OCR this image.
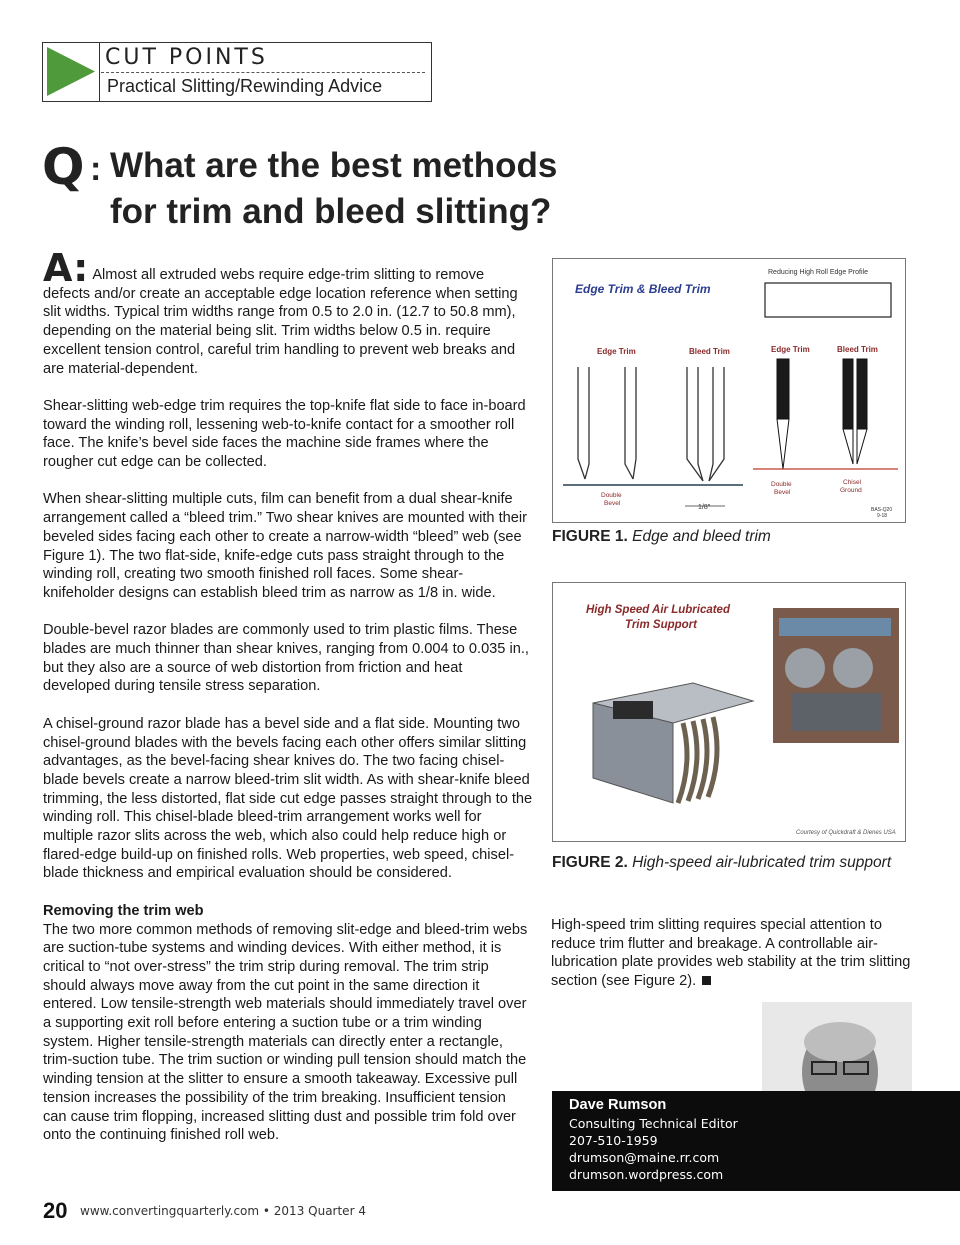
CUT POINTS
Practical Slitting/Rewinding Advice
Q : What are the best methods
for trim and bleed slitting?

A: Almost all extruded webs require edge-trim slitting to remove defects and/or create an acceptable edge location reference when setting slit widths. Typical trim widths range from 0.5 to 2.0 in. (12.7 to 50.8 mm), depending on the material being slit. Trim widths below 0.5 in. require excellent tension control, careful trim handling to prevent web breaks and are material-dependent.

Shear-slitting web-edge trim requires the top-knife flat side to face in-board toward the winding roll, lessening web-to-knife contact for a smoother roll face. The knife’s bevel side faces the machine side frames where the rougher cut edge can be collected.

When shear-slitting multiple cuts, film can benefit from a dual shear-knife arrangement called a “bleed trim.” Two shear knives are mounted with their beveled sides facing each other to create a narrow-width “bleed” web (see Figure 1). The two flat-side, knife-edge cuts pass straight through to the winding roll, creating two smooth finished roll faces. Some shear-knifeholder designs can establish bleed trim as narrow as 1/8 in. wide.

Double-bevel razor blades are commonly used to trim plastic films. These blades are much thinner than shear knives, ranging from 0.004 to 0.035 in., but they also are a source of web distortion from friction and heat developed during tensile stress separation.

A chisel-ground razor blade has a bevel side and a flat side. Mounting two chisel-ground blades with the bevels facing each other offers similar slitting advantages, as the bevel-facing shear knives do. The two facing chisel-blade bevels create a narrow bleed-trim slit width. As with shear-knife bleed trimming, the less distorted, flat side cut edge passes straight through to the winding roll. This chisel-blade bleed-trim arrangement works well for multiple razor slits across the web, which also could help reduce high or flared-edge build-up on finished rolls. Web properties, web speed, chisel-blade thickness and empirical evaluation should be considered.

Removing the trim web

The two more common methods of removing slit-edge and bleed-trim webs are suction-tube systems and winding devices. With either method, it is critical to “not over-stress” the trim strip during removal. The trim strip should always move away from the cut point in the same direction it entered. Low tensile-strength web materials should immediately travel over a supporting exit roll before entering a suction tube or a trim winding system. Higher tensile-strength materials can directly enter a rectangle, trim-suction tube. The trim suction or winding pull tension should match the winding tension at the slitter to ensure a smooth takeaway. Excessive pull tension increases the possibility of the trim breaking. Insufficient tension can cause trim flopping, increased slitting dust and possible trim fold over onto the continuing finished roll web.

Edge Trim & Bleed Trim
Reducing High Roll Edge Profile
Edge Trim	Bleed Trim	Edge Trim	Bleed Trim
Double
Bevel
1/8"
Double
Bevel
Chisel
Ground
BAS-Q20
9-18
FIGURE 1. Edge and bleed trim
High Speed Air Lubricated
Trim Support
Courtesy of Quickdraft & Dienes USA
FIGURE 2. High-speed air-lubricated trim support
High-speed trim slitting requires special attention to reduce trim flutter and breakage. A controllable air-lubrication plate provides web stability at the trim slitting section (see Figure 2).
Dave Rumson
Consulting Technical Editor
207-510-1959
drumson@maine.rr.com
drumson.wordpress.com
20 www.convertingquarterly.com • 2013 Quarter 4
